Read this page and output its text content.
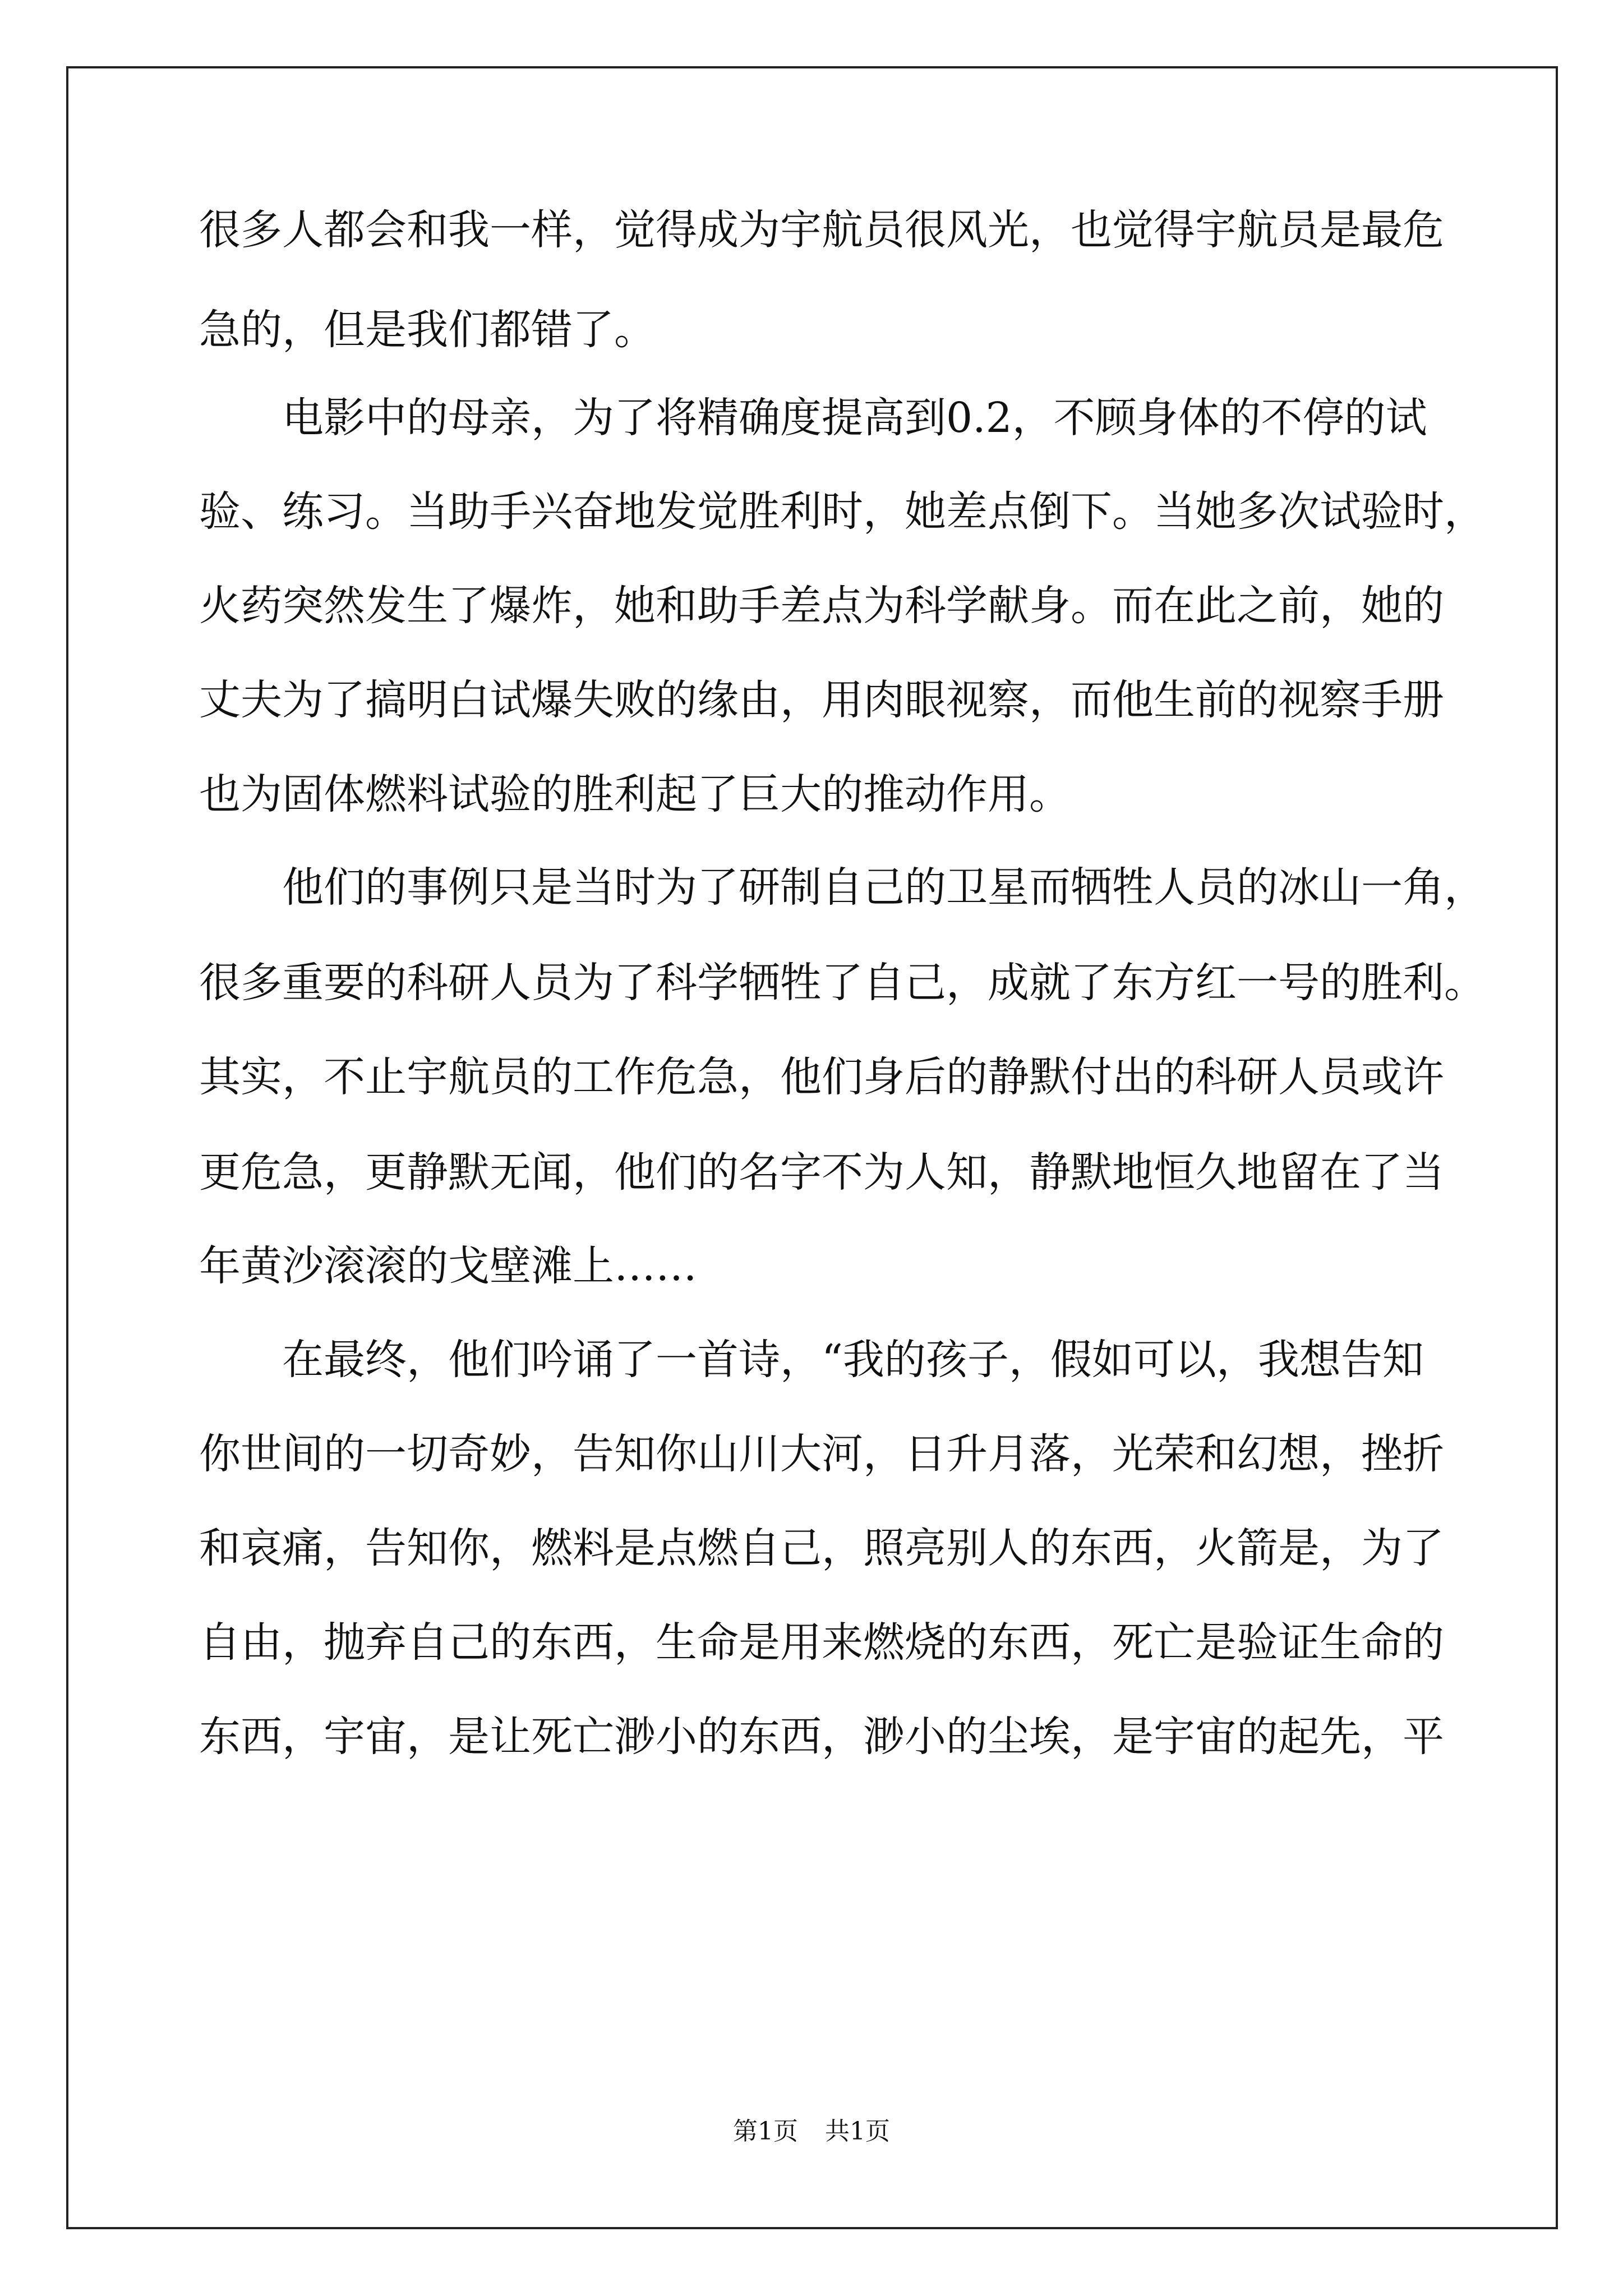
很多人都会和我一样，觉得成为宇航员很风光，也觉得宇航员是最危
急的，但是我们都错了。
电影中的母亲，为了将精确度提高到0.2，不顾身体的不停的试
验、练习。当助手兴奋地发觉胜利时，她差点倒下。当她多次试验时，
火药突然发生了爆炸，她和助手差点为科学献身。而在此之前，她的
丈夫为了搞明白试爆失败的缘由，用肉眼视察，而他生前的视察手册
也为固体燃料试验的胜利起了巨大的推动作用。
他们的事例只是当时为了研制自己的卫星而牺牲人员的冰山一角，
很多重要的科研人员为了科学牺牲了自己，成就了东方红一号的胜利。
其实，不止宇航员的工作危急，他们身后的静默付出的科研人员或许
更危急，更静默无闻，他们的名字不为人知，静默地恒久地留在了当
年黄沙滚滚的戈壁滩上……
在最终，他们吟诵了一首诗，“我的孩子，假如可以，我想告知
你世间的一切奇妙，告知你山川大河，日升月落，光荣和幻想，挫折
和哀痛，告知你，燃料是点燃自己，照亮别人的东西，火箭是，为了
自由，抛弃自己的东西，生命是用来燃烧的东西，死亡是验证生命的
东西，宇宙，是让死亡渺小的东西，渺小的尘埃，是宇宙的起先，平
第1页 共1页
